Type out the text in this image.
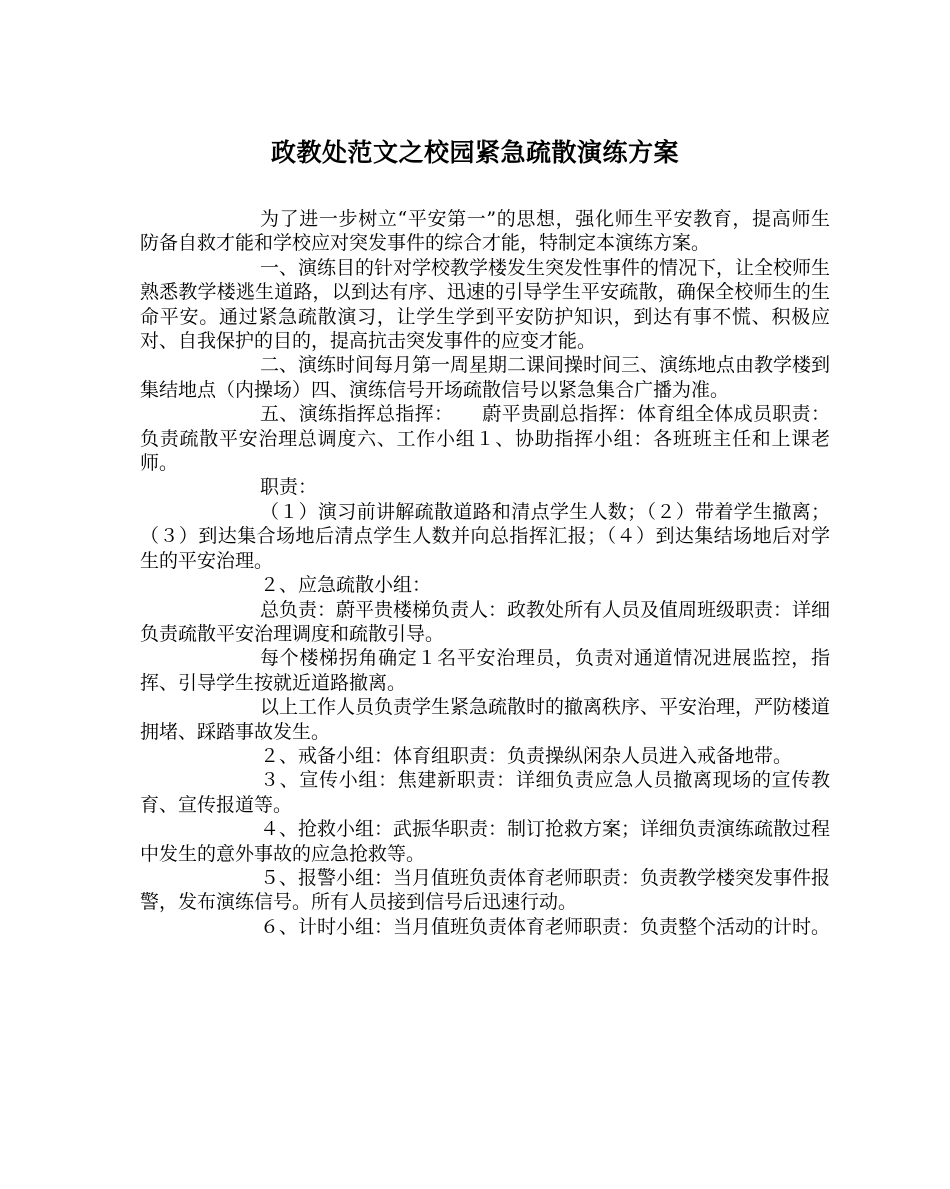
政教处范文之校园紧急疏散演练方案

为了进一步树立“平安第一”的思想，强化师生平安教育，提高师生防备自救才能和学校应对突发事件的综合才能，特制定本演练方案。

一、演练目的针对学校教学楼发生突发性事件的情况下，让全校师生熟悉教学楼逃生道路，以到达有序、迅速的引导学生平安疏散，确保全校师生的生命平安。通过紧急疏散演习，让学生学到平安防护知识，到达有事不慌、积极应对、自我保护的目的，提高抗击突发事件的应变才能。

二、演练时间每月第一周星期二课间操时间三、演练地点由教学楼到集结地点（内操场）四、演练信号开场疏散信号以紧急集合广播为准。

五、演练指挥总指挥：　　蔚平贵副总指挥：体育组全体成员职责：负责疏散平安治理总调度六、工作小组１、协助指挥小组：各班班主任和上课老师。

职责：

（１）演习前讲解疏散道路和清点学生人数；（２）带着学生撤离；（３）到达集合场地后清点学生人数并向总指挥汇报；（４）到达集结场地后对学生的平安治理。

２、应急疏散小组：

总负责：蔚平贵楼梯负责人：政教处所有人员及值周班级职责：详细负责疏散平安治理调度和疏散引导。

每个楼梯拐角确定１名平安治理员，负责对通道情况进展监控，指挥、引导学生按就近道路撤离。

以上工作人员负责学生紧急疏散时的撤离秩序、平安治理，严防楼道拥堵、踩踏事故发生。

２、戒备小组：体育组职责：负责操纵闲杂人员进入戒备地带。

３、宣传小组：焦建新职责：详细负责应急人员撤离现场的宣传教育、宣传报道等。

４、抢救小组：武振华职责：制订抢救方案；详细负责演练疏散过程中发生的意外事故的应急抢救等。

５、报警小组：当月值班负责体育老师职责：负责教学楼突发事件报警，发布演练信号。所有人员接到信号后迅速行动。

６、计时小组：当月值班负责体育老师职责：负责整个活动的计时。
